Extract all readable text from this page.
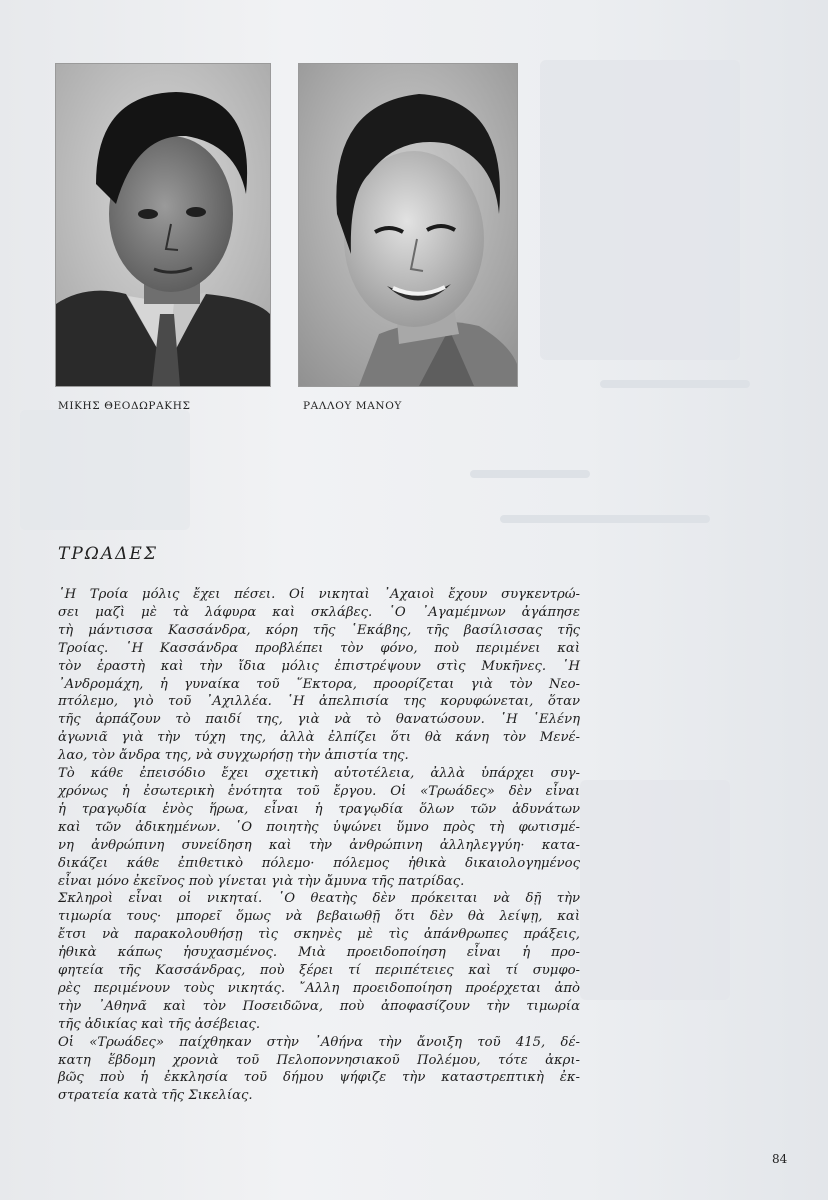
ΜΙΚΗΣ ΘΕΟΔΩΡΑΚΗΣ	ΡΑΛΛΟΥ ΜΑΝΟΥ
ΤΡΩΑΔΕΣ
῾Η Τροία μόλις ἔχει πέσει. Οἱ νικηταὶ ᾿Αχαιοὶ ἔχουν συγκεντρώ-
σει μαζὶ μὲ τὰ λάφυρα καὶ σκλάβες. ῾Ο ᾿Αγαμέμνων ἀγάπησε
τὴ μάντισσα Κασσάνδρα, κόρη τῆς ῾Εκάβης, τῆς βασίλισσας τῆς
Τροίας. ῾Η Κασσάνδρα προβλέπει τὸν φόνο, ποὺ περιμένει καὶ
τὸν ἐραστὴ καὶ τὴν ἴδια μόλις ἐπιστρέψουν στὶς Μυκῆνες. ῾Η
᾿Ανδρομάχη, ἡ γυναίκα τοῦ ῞Εκτορα, προορίζεται γιὰ τὸν Νεο-
πτόλεμο, γιὸ τοῦ ᾿Αχιλλέα. ῾Η ἀπελπισία της κορυφώνεται, ὅταν
τῆς ἁρπάζουν τὸ παιδί της, γιὰ νὰ τὸ θανατώσουν. ῾Η ῾Ελένη
ἀγωνιᾶ γιὰ τὴν τύχη της, ἀλλὰ ἐλπίζει ὅτι θὰ κάνη τὸν Μενέ-
λαο, τὸν ἄνδρα της, νὰ συγχωρήσῃ τὴν ἀπιστία της.
Τὸ κάθε ἐπεισόδιο ἔχει σχετικὴ αὐτοτέλεια, ἀλλὰ ὑπάρχει συγ-
χρόνως ἡ ἐσωτερικὴ ἑνότητα τοῦ ἔργου. Οἱ «Τρωάδες» δὲν εἶναι
ἡ τραγῳδία ἑνὸς ἥρωα, εἶναι ἡ τραγῳδία ὅλων τῶν ἀδυνάτων
καὶ τῶν ἀδικημένων. ῾Ο ποιητὴς ὑψώνει ὕμνο πρὸς τὴ φωτισμέ-
νη ἀνθρώπινη συνείδηση καὶ τὴν ἀνθρώπινη ἀλληλεγγύη· κατα-
δικάζει κάθε ἐπιθετικὸ πόλεμο· πόλεμος ἠθικὰ δικαιολογημένος
εἶναι μόνο ἐκεῖνος ποὺ γίνεται γιὰ τὴν ἄμυνα τῆς πατρίδας.
Σκληροὶ εἶναι οἱ νικηταί. ῾Ο θεατὴς δὲν πρόκειται νὰ δῇ τὴν
τιμωρία τους· μπορεῖ ὅμως νὰ βεβαιωθῇ ὅτι δὲν θὰ λείψῃ, καὶ
ἔτσι νὰ παρακολουθήσῃ τὶς σκηνὲς μὲ τὶς ἀπάνθρωπες πράξεις,
ἠθικὰ κάπως ἡσυχασμένος. Μιὰ προειδοποίηση εἶναι ἡ προ-
φητεία τῆς Κασσάνδρας, ποὺ ξέρει τί περιπέτειες καὶ τί συμφο-
ρὲς περιμένουν τοὺς νικητάς. ῎Αλλη προειδοποίηση προέρχεται ἀπὸ
τὴν ᾿Αθηνᾶ καὶ τὸν Ποσειδῶνα, ποὺ ἀποφασίζουν τὴν τιμωρία
τῆς ἀδικίας καὶ τῆς ἀσέβειας.
Οἱ «Τρωάδες» παίχθηκαν στὴν ᾿Αθήνα τὴν ἄνοιξη τοῦ 415, δέ-
κατη ἕβδομη χρονιὰ τοῦ Πελοποννησιακοῦ Πολέμου, τότε ἀκρι-
βῶς ποὺ ἡ ἐκκλησία τοῦ δήμου ψήφιζε τὴν καταστρεπτικὴ ἐκ-
στρατεία κατὰ τῆς Σικελίας.
84
